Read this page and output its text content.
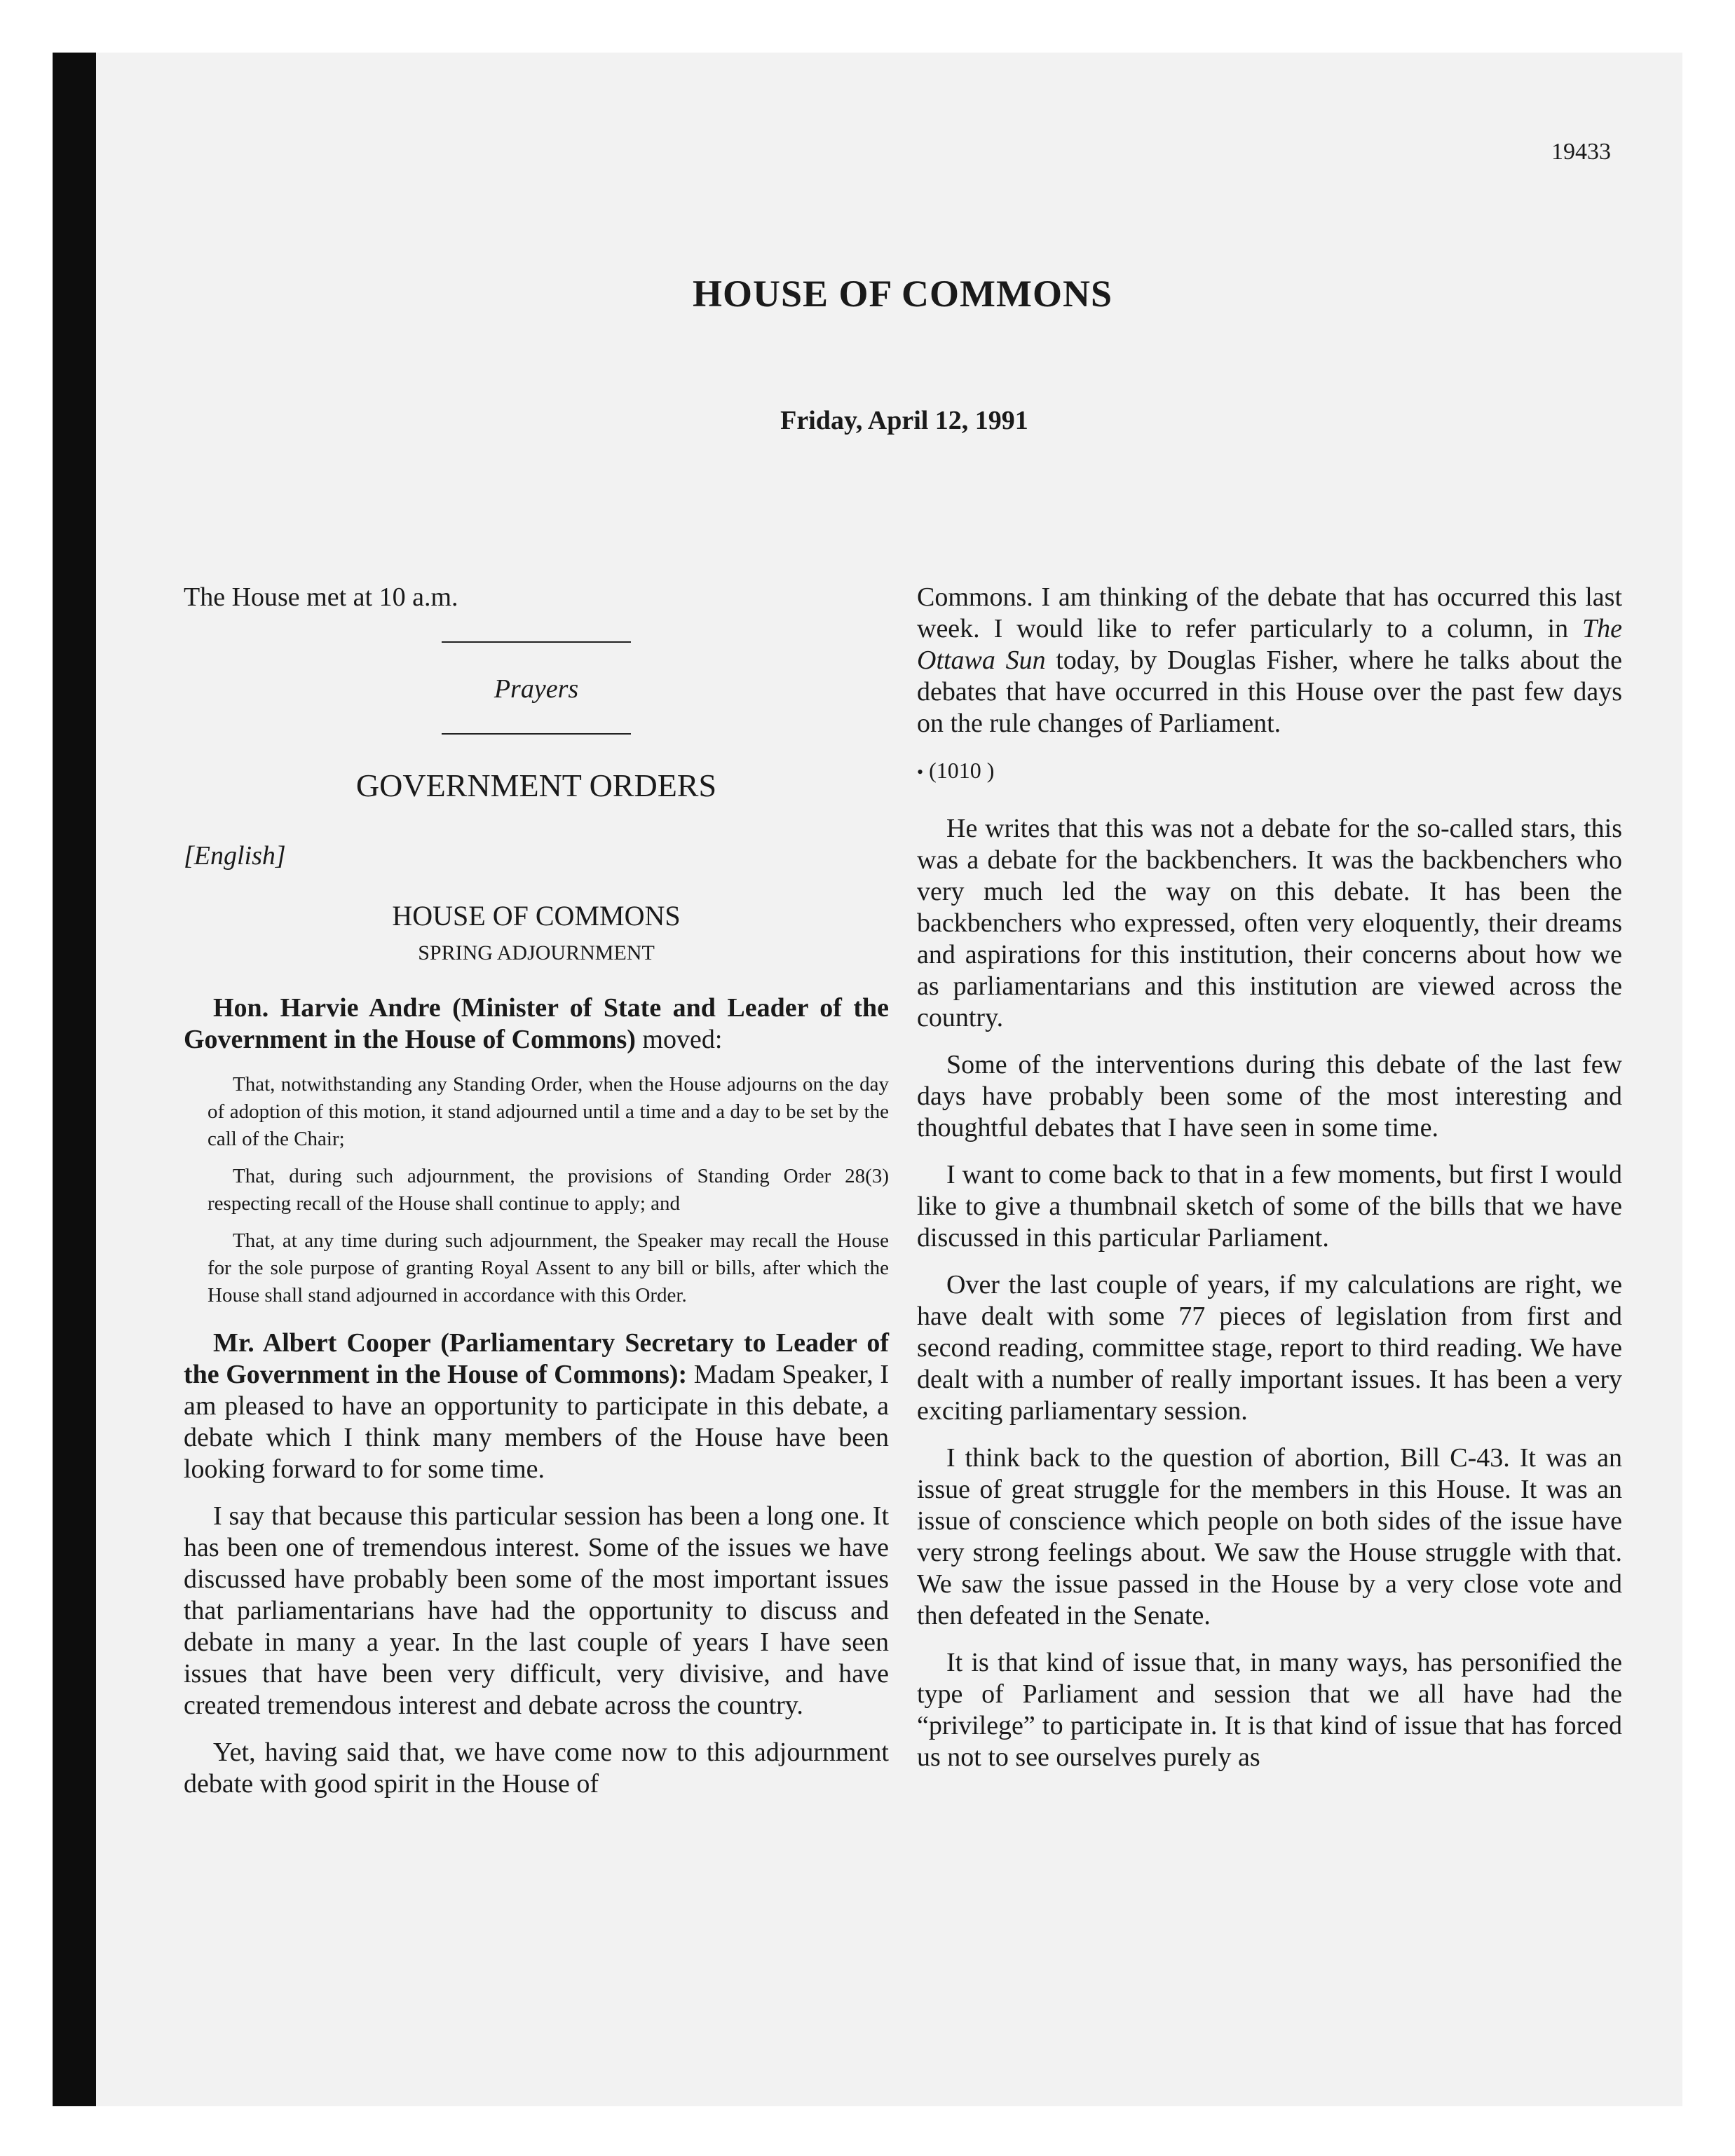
19433
HOUSE OF COMMONS
Friday, April 12, 1991

The House met at 10 a.m.

Prayers

GOVERNMENT ORDERS
[English]
HOUSE OF COMMONS
SPRING ADJOURNMENT

Hon. Harvie Andre (Minister of State and Leader of the Government in the House of Commons) moved:

That, notwithstanding any Standing Order, when the House adjourns on the day of adoption of this motion, it stand adjourned until a time and a day to be set by the call of the Chair;
That, during such adjournment, the provisions of Standing Order 28(3) respecting recall of the House shall continue to apply; and
That, at any time during such adjournment, the Speaker may recall the House for the sole purpose of granting Royal Assent to any bill or bills, after which the House shall stand adjourned in accordance with this Order.

Mr. Albert Cooper (Parliamentary Secretary to Leader of the Government in the House of Commons): Madam Speaker, I am pleased to have an opportunity to participate in this debate, a debate which I think many members of the House have been looking forward to for some time.

I say that because this particular session has been a long one. It has been one of tremendous interest. Some of the issues we have discussed have probably been some of the most important issues that parliamentarians have had the opportunity to discuss and debate in many a year. In the last couple of years I have seen issues that have been very difficult, very divisive, and have created tremendous interest and debate across the country.

Yet, having said that, we have come now to this adjournment debate with good spirit in the House of

Commons. I am thinking of the debate that has occurred this last week. I would like to refer particularly to a column, in The Ottawa Sun today, by Douglas Fisher, where he talks about the debates that have occurred in this House over the past few days on the rule changes of Parliament.

• (1010 )

He writes that this was not a debate for the so-called stars, this was a debate for the backbenchers. It was the backbenchers who very much led the way on this debate. It has been the backbenchers who expressed, often very eloquently, their dreams and aspirations for this institution, their concerns about how we as parliamentarians and this institution are viewed across the country.

Some of the interventions during this debate of the last few days have probably been some of the most interesting and thoughtful debates that I have seen in some time.

I want to come back to that in a few moments, but first I would like to give a thumbnail sketch of some of the bills that we have discussed in this particular Parliament.

Over the last couple of years, if my calculations are right, we have dealt with some 77 pieces of legislation from first and second reading, committee stage, report to third reading. We have dealt with a number of really important issues. It has been a very exciting parliamentary session.

I think back to the question of abortion, Bill C-43. It was an issue of great struggle for the members in this House. It was an issue of conscience which people on both sides of the issue have very strong feelings about. We saw the House struggle with that. We saw the issue passed in the House by a very close vote and then defeated in the Senate.

It is that kind of issue that, in many ways, has personified the type of Parliament and session that we all have had the “privilege” to participate in. It is that kind of issue that has forced us not to see ourselves purely as
